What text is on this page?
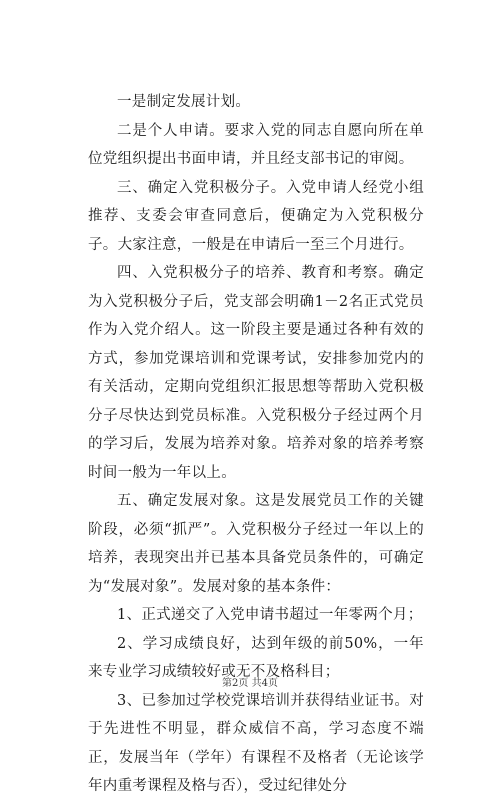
一是制定发展计划。

二是个人申请。要求入党的同志自愿向所在单位党组织提出书面申请，并且经支部书记的审阅。

三、确定入党积极分子。入党申请人经党小组推荐、支委会审查同意后，便确定为入党积极分子。大家注意，一般是在申请后一至三个月进行。

四、入党积极分子的培养、教育和考察。确定为入党积极分子后，党支部会明确1－2名正式党员作为入党介绍人。这一阶段主要是通过各种有效的方式，参加党课培训和党课考试，安排参加党内的有关活动，定期向党组织汇报思想等帮助入党积极分子尽快达到党员标准。入党积极分子经过两个月的学习后，发展为培养对象。培养对象的培养考察时间一般为一年以上。

五、确定发展对象。这是发展党员工作的关键阶段，必须“抓严”。入党积极分子经过一年以上的培养，表现突出并已基本具备党员条件的，可确定为“发展对象”。发展对象的基本条件：

1、正式递交了入党申请书超过一年零两个月；

2、学习成绩良好，达到年级的前50%，一年来专业学习成绩较好或无不及格科目；

3、已参加过学校党课培训并获得结业证书。对于先进性不明显，群众威信不高，学习态度不端正，发展当年（学年）有课程不及格者（无论该学年内重考课程及格与否），受过纪律处分

第2页 共4页
